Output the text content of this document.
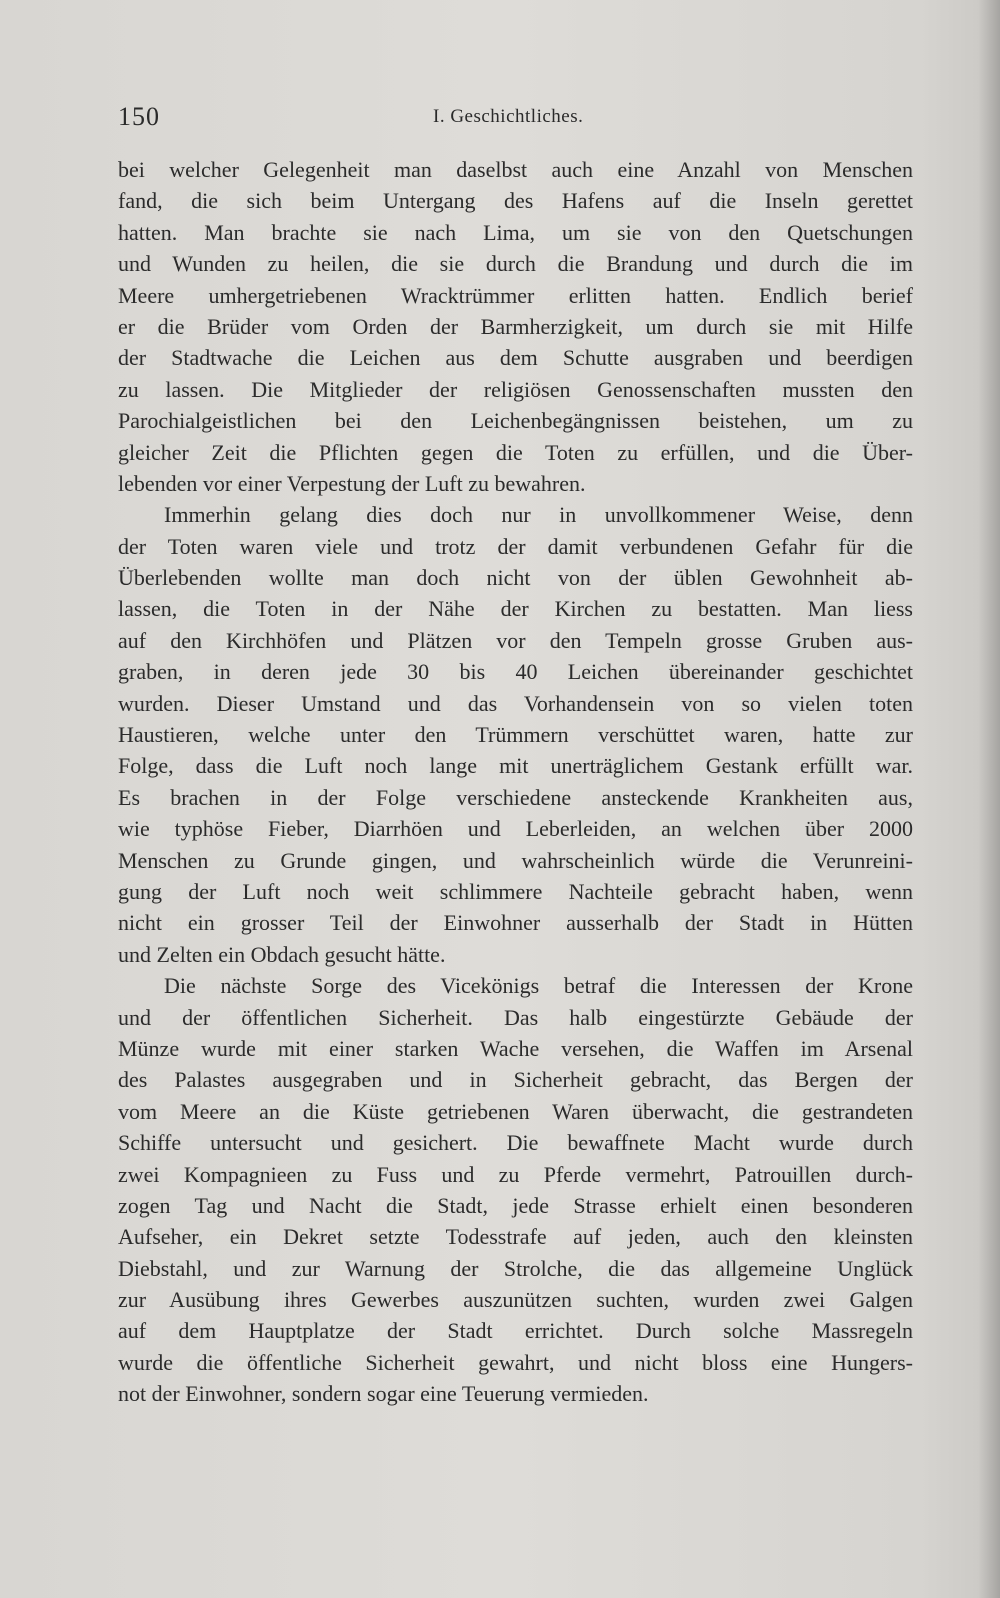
150	I. Geschichtliches.

bei welcher Gelegenheit man daselbst auch eine Anzahl von Menschen
fand, die sich beim Untergang des Hafens auf die Inseln gerettet
hatten. Man brachte sie nach Lima, um sie von den Quetschungen
und Wunden zu heilen, die sie durch die Brandung und durch die im
Meere umhergetriebenen Wracktrümmer erlitten hatten. Endlich berief
er die Brüder vom Orden der Barmherzigkeit, um durch sie mit Hilfe
der Stadtwache die Leichen aus dem Schutte ausgraben und beerdigen
zu lassen. Die Mitglieder der religiösen Genossenschaften mussten den
Parochialgeistlichen bei den Leichenbegängnissen beistehen, um zu
gleicher Zeit die Pflichten gegen die Toten zu erfüllen, und die Über-
lebenden vor einer Verpestung der Luft zu bewahren.

Immerhin gelang dies doch nur in unvollkommener Weise, denn
der Toten waren viele und trotz der damit verbundenen Gefahr für die
Überlebenden wollte man doch nicht von der üblen Gewohnheit ab-
lassen, die Toten in der Nähe der Kirchen zu bestatten. Man liess
auf den Kirchhöfen und Plätzen vor den Tempeln grosse Gruben aus-
graben, in deren jede 30 bis 40 Leichen übereinander geschichtet
wurden. Dieser Umstand und das Vorhandensein von so vielen toten
Haustieren, welche unter den Trümmern verschüttet waren, hatte zur
Folge, dass die Luft noch lange mit unerträglichem Gestank erfüllt war.
Es brachen in der Folge verschiedene ansteckende Krankheiten aus,
wie typhöse Fieber, Diarrhöen und Leberleiden, an welchen über 2000
Menschen zu Grunde gingen, und wahrscheinlich würde die Verunreini-
gung der Luft noch weit schlimmere Nachteile gebracht haben, wenn
nicht ein grosser Teil der Einwohner ausserhalb der Stadt in Hütten
und Zelten ein Obdach gesucht hätte.

Die nächste Sorge des Vicekönigs betraf die Interessen der Krone
und der öffentlichen Sicherheit. Das halb eingestürzte Gebäude der
Münze wurde mit einer starken Wache versehen, die Waffen im Arsenal
des Palastes ausgegraben und in Sicherheit gebracht, das Bergen der
vom Meere an die Küste getriebenen Waren überwacht, die gestrandeten
Schiffe untersucht und gesichert. Die bewaffnete Macht wurde durch
zwei Kompagnieen zu Fuss und zu Pferde vermehrt, Patrouillen durch-
zogen Tag und Nacht die Stadt, jede Strasse erhielt einen besonderen
Aufseher, ein Dekret setzte Todesstrafe auf jeden, auch den kleinsten
Diebstahl, und zur Warnung der Strolche, die das allgemeine Unglück
zur Ausübung ihres Gewerbes auszunützen suchten, wurden zwei Galgen
auf dem Hauptplatze der Stadt errichtet. Durch solche Massregeln
wurde die öffentliche Sicherheit gewahrt, und nicht bloss eine Hungers-
not der Einwohner, sondern sogar eine Teuerung vermieden.
